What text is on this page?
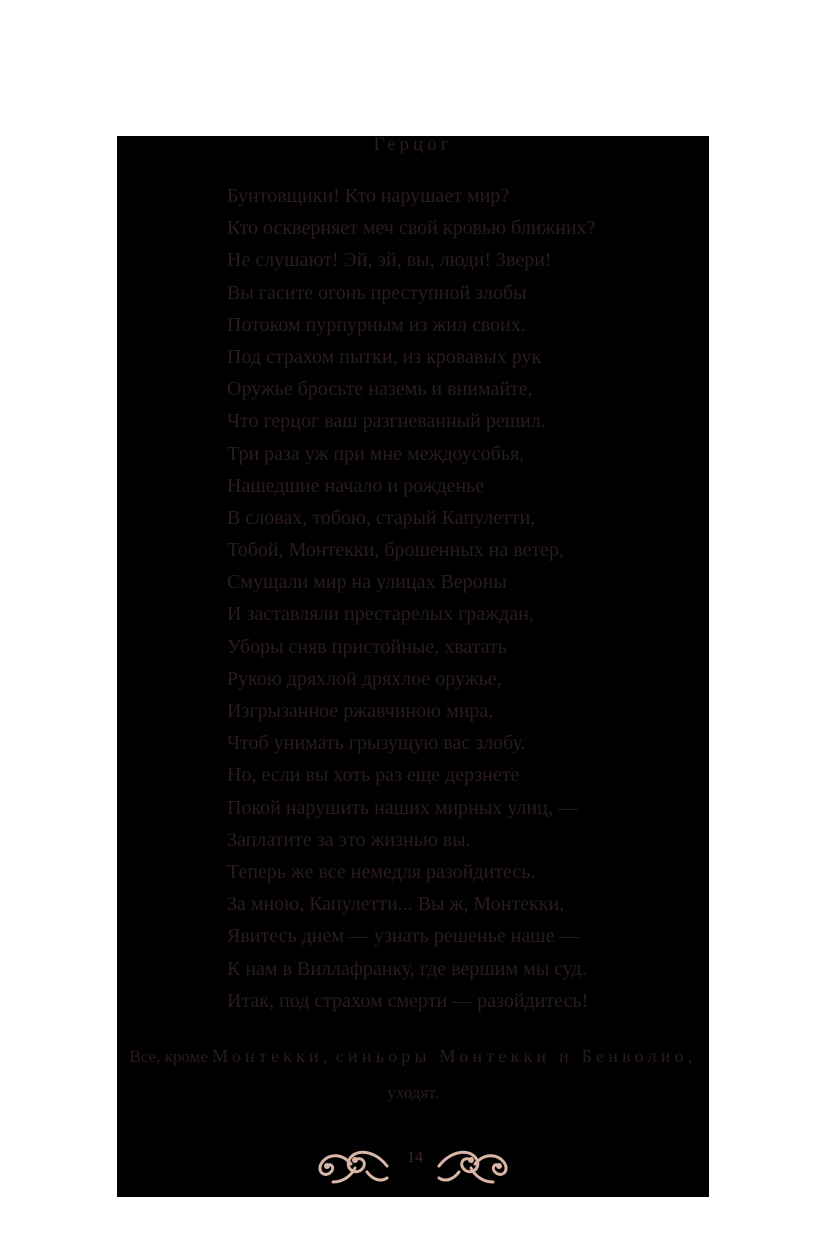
Герцог
Бунтовщики! Кто нарушает мир?
Кто оскверняет меч свой кровью ближних?
Не слушают! Эй, эй, вы, люди! Звери!
Вы гасите огонь преступной злобы
Потоком пурпурным из жил своих.
Под страхом пытки, из кровавых рук
Оружье бросьте наземь и внимайте,
Что герцог ваш разгневанный решил.
Три раза уж при мне междоусобья,
Нашедшие начало и рожденье
В словах, тобою, старый Капулетти,
Тобой, Монтекки, брошенных на ветер,
Смущали мир на улицах Вероны
И заставляли престарелых граждан,
Уборы сняв пристойные, хватать
Рукою дряхлой дряхлое оружье,
Изгрызанное ржавчиною мира,
Чтоб унимать грызущую вас злобу.
Но, если вы хоть раз еще дерзнете
Покой нарушить наших мирных улиц, —
Заплатите за это жизнью вы.
Теперь же все немедля разойдитесь.
За мною, Капулетти... Вы ж, Монтекки,
Явитесь днем — узнать решенье наше —
К нам в Виллафранку, где вершим мы суд.
Итак, под страхом смерти — разойдитесь!
Все, кроме Монтекки, синьоры Монтекки и Бенволио,
уходят.
14
